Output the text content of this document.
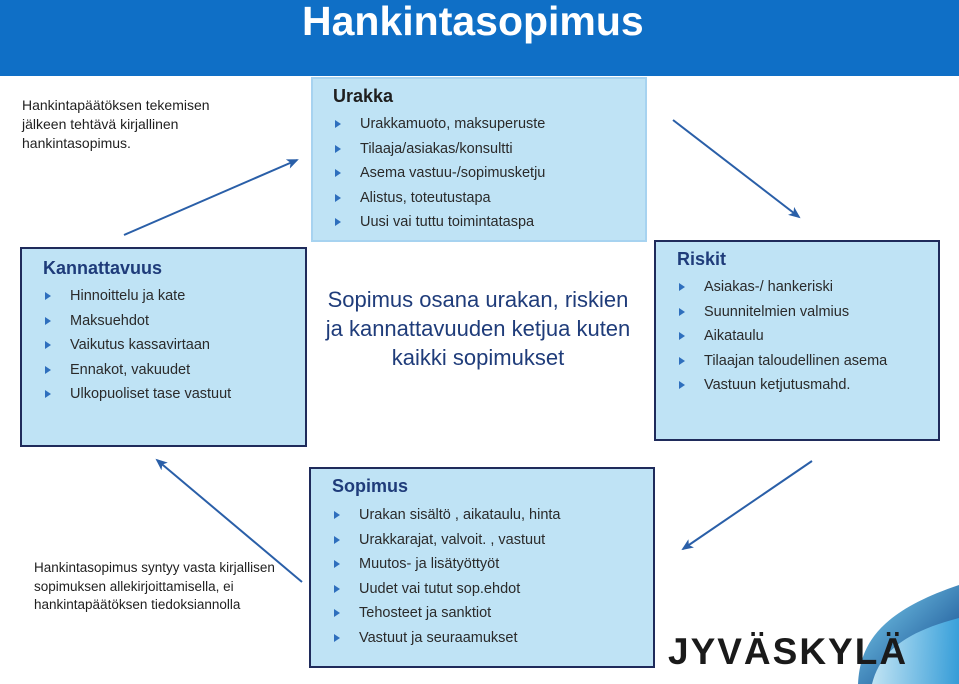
Hankintasopimus
Hankintapäätöksen tekemisen jälkeen tehtävä kirjallinen hankintasopimus.
Urakka
Urakkamuoto, maksuperuste
Tilaaja/asiakas/konsultti
Asema vastuu-/sopimusketju
Alistus, toteutustapa
Uusi vai tuttu toimintataspa
Kannattavuus
Hinnoittelu ja kate
Maksuehdot
Vaikutus kassavirtaan
Ennakot, vakuudet
Ulkopuoliset tase vastuut
Sopimus osana urakan, riskien ja kannattavuuden ketjua kuten kaikki sopimukset
Riskit
Asiakas-/ hankeriski
Suunnitelmien valmius
Aikataulu
Tilaajan taloudellinen asema
Vastuun ketjutusmahd.
Sopimus
Urakan sisältö , aikataulu, hinta
Urakkarajat, valvoit. , vastuut
Muutos- ja lisätyöttyöt
Uudet vai tutut sop.ehdot
Tehosteet ja sanktiot
Vastuut ja seuraamukset
Hankintasopimus syntyy vasta kirjallisen sopimuksen allekirjoittamisella, ei hankintapäätöksen tiedoksiannolla
JYVÄSKYLÄ
